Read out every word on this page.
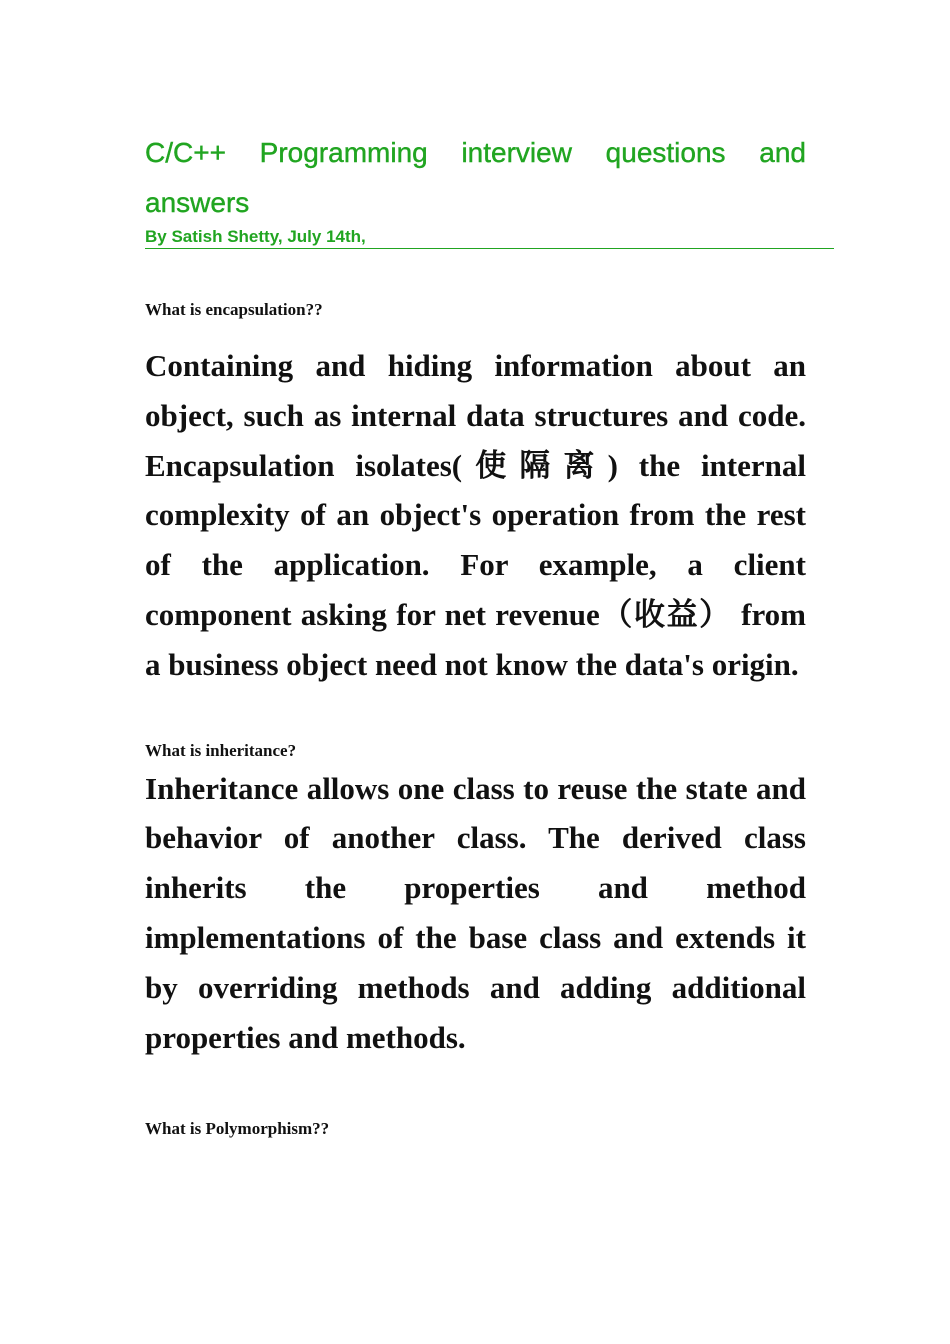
C/C++ Programming interview questions and answers
By Satish Shetty, July 14th,

What is encapsulation??

Containing and hiding information about an object, such as internal data structures and code. Encapsulation isolates(使隔离) the internal complexity of an object's operation from the rest of the application. For example, a client component asking for net revenue（收益） from a business object need not know the data's origin.

What is inheritance?

Inheritance allows one class to reuse the state and behavior of another class. The derived class inherits the properties and method implementations of the base class and extends it by overriding methods and adding additional properties and methods.

What is Polymorphism??
